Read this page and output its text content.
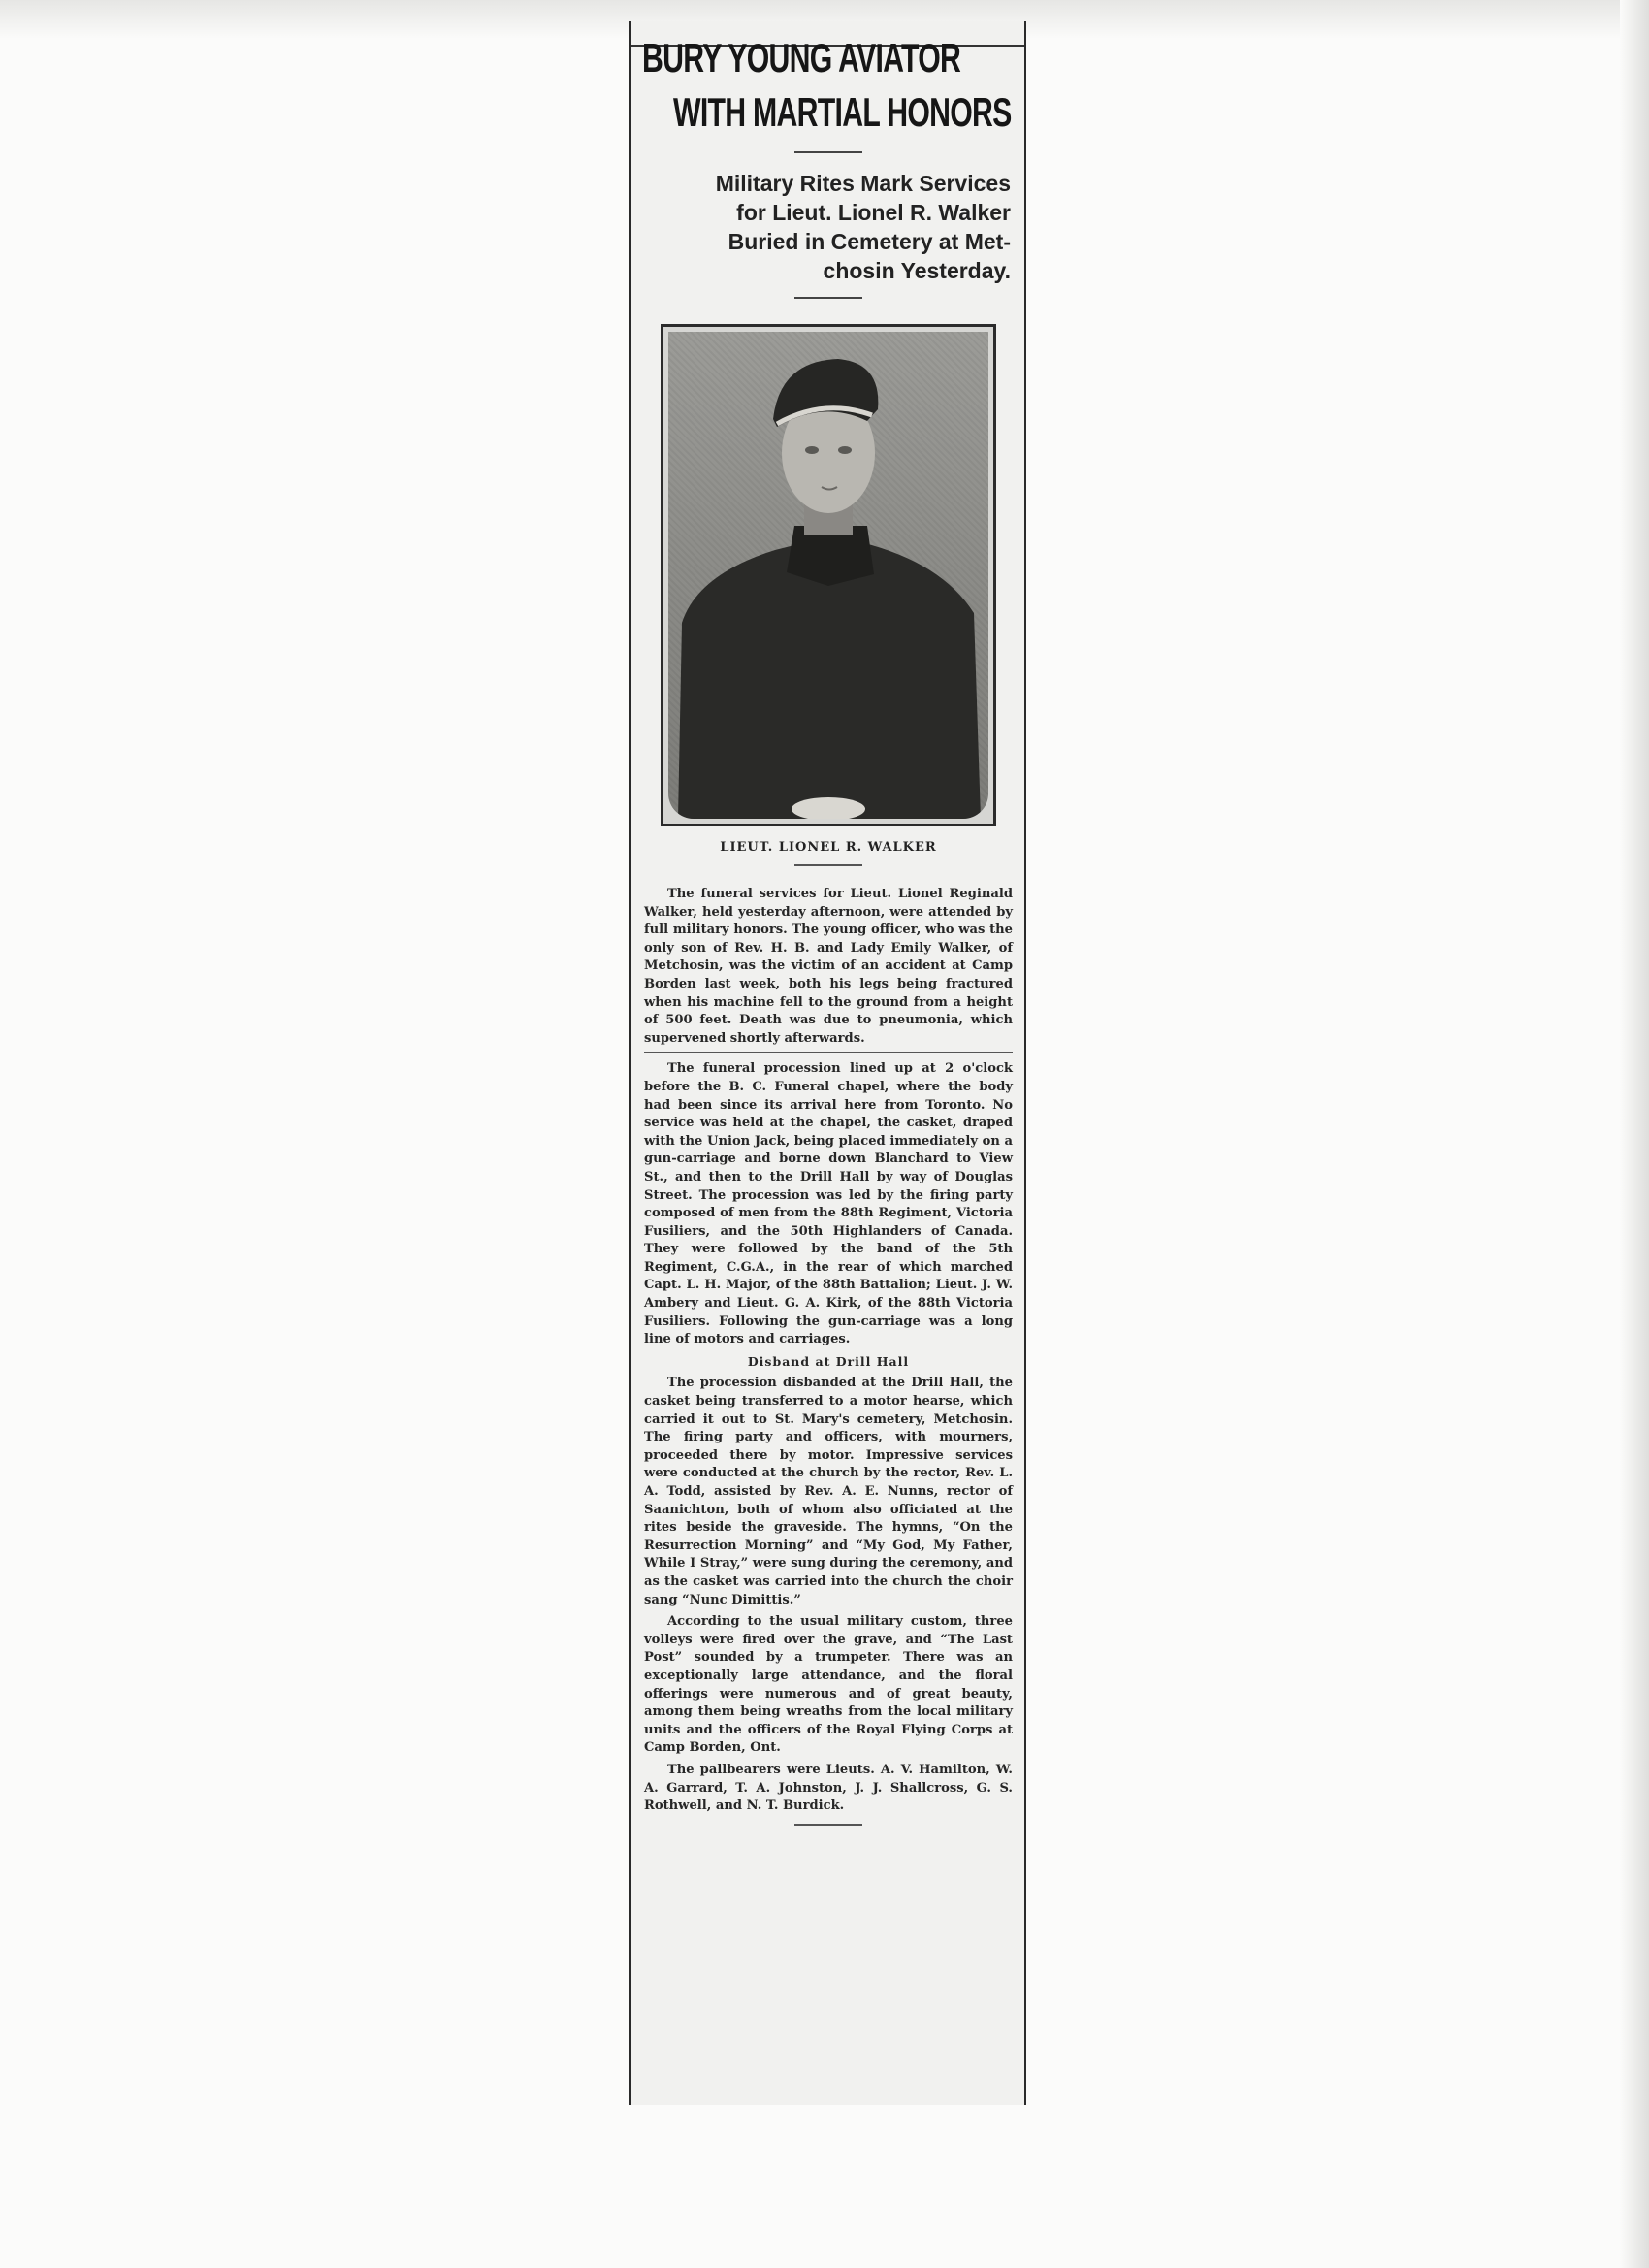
BURY YOUNG AVIATOR
WITH MARTIAL HONORS
Military Rites Mark Services
for Lieut. Lionel R. Walker
Buried in Cemetery at Met-
chosin Yesterday.
LIEUT. LIONEL R. WALKER

The funeral services for Lieut. Lionel Reginald Walker, held yesterday afternoon, were attended by full military honors. The young officer, who was the only son of Rev. H. B. and Lady Emily Walker, of Metchosin, was the victim of an accident at Camp Borden last week, both his legs being fractured when his machine fell to the ground from a height of 500 feet. Death was due to pneumonia, which supervened shortly afterwards.

The funeral procession lined up at 2 o'clock before the B. C. Funeral chapel, where the body had been since its arrival here from Toronto. No service was held at the chapel, the casket, draped with the Union Jack, being placed immediately on a gun-carriage and borne down Blanchard to View St., and then to the Drill Hall by way of Douglas Street. The procession was led by the firing party composed of men from the 88th Regiment, Victoria Fusiliers, and the 50th Highlanders of Canada. They were followed by the band of the 5th Regiment, C.G.A., in the rear of which marched Capt. L. H. Major, of the 88th Battalion; Lieut. J. W. Ambery and Lieut. G. A. Kirk, of the 88th Victoria Fusiliers. Following the gun-carriage was a long line of motors and carriages.

Disband at Drill Hall

The procession disbanded at the Drill Hall, the casket being transferred to a motor hearse, which carried it out to St. Mary's cemetery, Metchosin. The firing party and officers, with mourners, proceeded there by motor. Impressive services were conducted at the church by the rector, Rev. L. A. Todd, assisted by Rev. A. E. Nunns, rector of Saanichton, both of whom also officiated at the rites beside the graveside. The hymns, “On the Resurrection Morning” and “My God, My Father, While I Stray,” were sung during the ceremony, and as the casket was carried into the church the choir sang “Nunc Dimittis.”

According to the usual military custom, three volleys were fired over the grave, and “The Last Post” sounded by a trumpeter. There was an exceptionally large attendance, and the floral offerings were numerous and of great beauty, among them being wreaths from the local military units and the officers of the Royal Flying Corps at Camp Borden, Ont.

The pallbearers were Lieuts. A. V. Hamilton, W. A. Garrard, T. A. Johnston, J. J. Shallcross, G. S. Rothwell, and N. T. Burdick.
